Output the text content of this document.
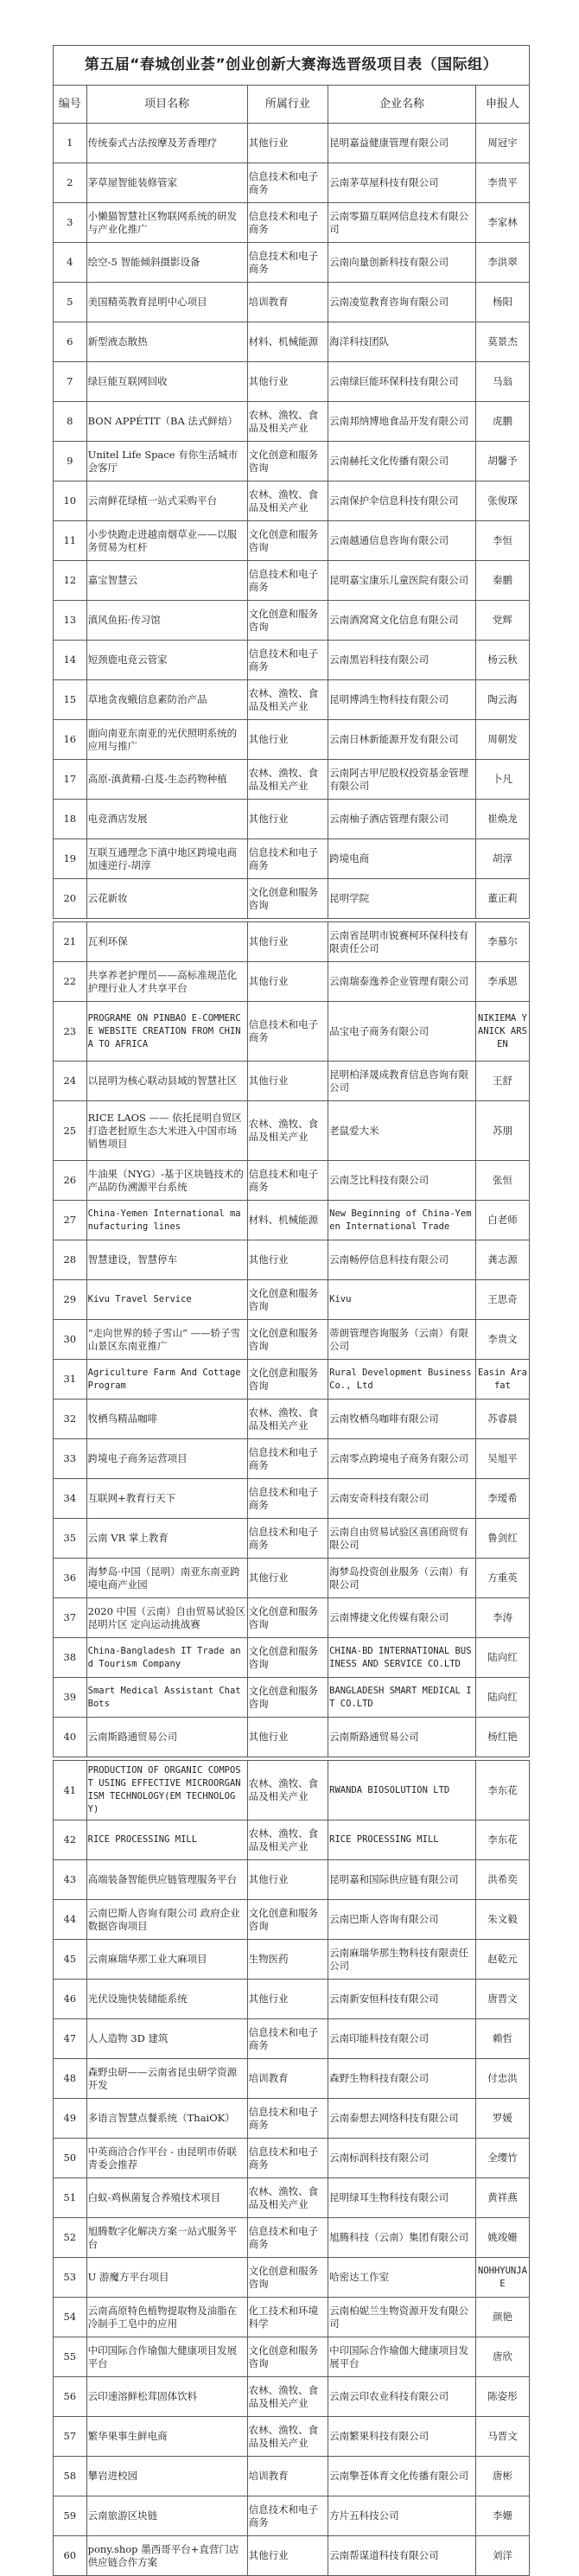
第五届“春城创业荟”创业创新大赛海选晋级项目表（国际组）				
编号	项目名称	所属行业	企业名称	申报人
1	传统泰式古法按摩及芳香理疗	其他行业	昆明嘉益健康管理有限公司	周冠宇
2	茅草屋智能装修管家	信息技术和电子商务	云南茅草屋科技有限公司	李贵平
3	小懒猫智慧社区物联网系统的研发与产业化推广	信息技术和电子商务	云南零猫互联网信息技术有限公司	李家林
4	绘空-5 智能倾斜摄影设备	信息技术和电子商务	云南向量创新科技有限公司	李洪翠
5	美国精英教育昆明中心项目	培训教育	云南凌览教育咨询有限公司	杨阳
6	新型液态散热	材料、机械能源	海洋科技团队	莫景杰
7	绿巨能互联网回收	其他行业	云南绿巨能环保科技有限公司	马翁
8	BON APPÉTIT（BA 法式鲜焙）	农林、渔牧、食品及相关产业	云南邦纳博地食品开发有限公司	虎鹏
9	Unitel Life Space 有你生活城市会客厅	文化创意和服务咨询	云南赫托文化传播有限公司	胡馨予
10	云南鲜花绿植一站式采购平台	农林、渔牧、食品及相关产业	云南保护伞信息科技有限公司	张俊琛
11	小步快跑走进越南烟草业——以服务贸易为杠杆	文化创意和服务咨询	云南越通信息咨询有限公司	李恒
12	嘉宝智慧云	信息技术和电子商务	昆明嘉宝康乐儿童医院有限公司	秦鹏
13	滇风鱼拓·传习馆	文化创意和服务咨询	云南酒窝窝文化信息有限公司	党辉
14	短颈鹿电竞云管家	信息技术和电子商务	云南黑岩科技有限公司	杨云秋
15	草地贪夜蛾信息素防治产品	农林、渔牧、食品及相关产业	昆明博鸿生物科技有限公司	陶云海
16	面向南亚东南亚的光伏照明系统的应用与推广	其他行业	云南日林新能源开发有限公司	周朝发
17	高原-滇黄精-白芨-生态药物种植	农林、渔牧、食品及相关产业	云南阿古甲尼股权投资基金管理有限公司	卜凡
18	电竞酒店发展	其他行业	云南柚子酒店管理有限公司	崔焕龙
19	互联互通理念下滇中地区跨境电商加速逆行-胡淳	信息技术和电子商务	跨境电商	胡淳
20	云花新妆	文化创意和服务咨询	昆明学院	董正莉

21	瓦利环保	其他行业	云南省昆明市锐赛柯环保科技有限责任公司	李慕尔
22	共享养老护理员——高标准规范化护理行业人才共享平台	其他行业	云南瑞泰逸养企业管理有限公司	李承恩
23	PROGRAME ON PINBAO E-COMMERCE WEBSITE CREATION FROM CHINA TO AFRICA	信息技术和电子商务	品宝电子商务有限公司	NIKIEMA YANICK ARSEN
24	以昆明为核心联动县域的智慧社区	其他行业	昆明柏泽晟成教育信息咨询有限公司	王舒
25	RICE LAOS —— 依托昆明自贸区打造老挝原生态大米进入中国市场销售项目	农林、渔牧、食品及相关产业	老鼠爱大米	苏朋
26	牛油果（NYG）-基于区块链技术的产品防伪溯源平台系统	信息技术和电子商务	云南芝比科技有限公司	张恒
27	China-Yemen International manufacturing lines	材料、机械能源	New Beginning of China-Yemen International Trade	白老师
28	智慧建设，智慧停车	其他行业	云南畅停信息科技有限公司	龚志源
29	Kivu Travel Service	文化创意和服务咨询	Kivu	王思奇
30	“走向世界的轿子雪山” ——轿子雪山景区东南亚推广	文化创意和服务咨询	蒂朗管理咨询服务（云南）有限公司	李贵文
31	Agriculture Farm And Cottage Program	文化创意和服务咨询	Rural Development Business Co., Ltd	Easin Arafat
32	牧栖鸟精品咖啡	农林、渔牧、食品及相关产业	云南牧栖鸟咖啡有限公司	苏睿晨
33	跨境电子商务运营项目	信息技术和电子商务	云南零点跨境电子商务有限公司	吴旭平
34	互联网+教育行天下	信息技术和电子商务	云南安奇科技有限公司	李瑷希
35	云南 VR 掌上教育	信息技术和电子商务	云南自由贸易试验区喜团商贸有限公司	鲁剑红
36	海梦岛·中国（昆明）南亚东南亚跨境电商产业园	其他行业	海梦岛投资创业服务（云南）有限公司	方重英
37	2020 中国（云南）自由贸易试验区昆明片区 定向运动挑战赛	文化创意和服务咨询	云南博捷文化传媒有限公司	李涛
38	China-Bangladesh IT Trade and Tourism Company	文化创意和服务咨询	CHINA-BD INTERNATIONAL BUSINESS AND SERVICE CO.LTD	陆向红
39	Smart Medical Assistant ChatBots	文化创意和服务咨询	BANGLADESH SMART MEDICAL IT CO.LTD	陆向红
40	云南斯路通贸易公司	其他行业	云南斯路通贸易公司	杨红艳

41	PRODUCTION OF ORGANIC COMPOST USING EFFECTIVE MICROORGANISM TECHNOLOGY(EM TECHNOLOGY)	农林、渔牧、食品及相关产业	RWANDA BIOSOLUTION LTD	李东花
42	RICE PROCESSING MILL	农林、渔牧、食品及相关产业	RICE PROCESSING MILL	李东花
43	高端装备智能供应链管理服务平台	其他行业	昆明嘉和国际供应链有限公司	洪希奕
44	云南巴斯人咨询有限公司 政府企业数据咨询项目	文化创意和服务咨询	云南巴斯人咨询有限公司	朱文毅
45	云南麻瑞华那工业大麻项目	生物医药	云南麻瑞华那生物科技有限责任公司	赵乾元
46	光伏设施快装储能系统	其他行业	云南新安恒科技有限公司	唐晋文
47	人人造物 3D 建筑	信息技术和电子商务	云南印能科技有限公司	赖哲
48	森野虫研——云南省昆虫研学资源开发	培训教育	森野生物科技有限公司	付忠洪
49	多语言智慧点餐系统（ThaiOK）	信息技术和电子商务	云南泰想去网络科技有限公司	罗媛
50	中英商洽合作平台 - 由昆明市侨联青委会推荐	信息技术和电子商务	云南标润科技有限公司	全缨竹
51	白蚁-鸡枞菌复合养殖技术项目	农林、渔牧、食品及相关产业	昆明绿耳生物科技有限公司	黄祥燕
52	旭腾数字化解决方案一站式服务平台	信息技术和电子商务	旭腾科技（云南）集团有限公司	姚竣姗
53	U 游魔方平台项目	文化创意和服务咨询	哈密达工作室	NOHHYUNJAE
54	云南高原特色植物提取物及油脂在冷制手工皂中的应用	化工技术和环境科学	云南柏妮兰生物资源开发有限公司	颜艳
55	中印国际合作瑜伽大健康项目发展平台	文化创意和服务咨询	中印国际合作瑜伽大健康项目发展平台	唐欣
56	云印速溶鲜松茸固体饮料	农林、渔牧、食品及相关产业	云南云印农业科技有限公司	陈姿彤
57	繁华果事生鲜电商	农林、渔牧、食品及相关产业	云南繁果科技有限公司	马晋文
58	攀岩进校园	培训教育	云南擎苍体育文化传播有限公司	唐彬
59	云南旅游区块链	信息技术和电子商务	方片五科技公司	李姗
60	pony.shop 墨西哥平台+直营门店供应链合作方案	其他行业	云南帮谋道科技有限公司	刘洋
